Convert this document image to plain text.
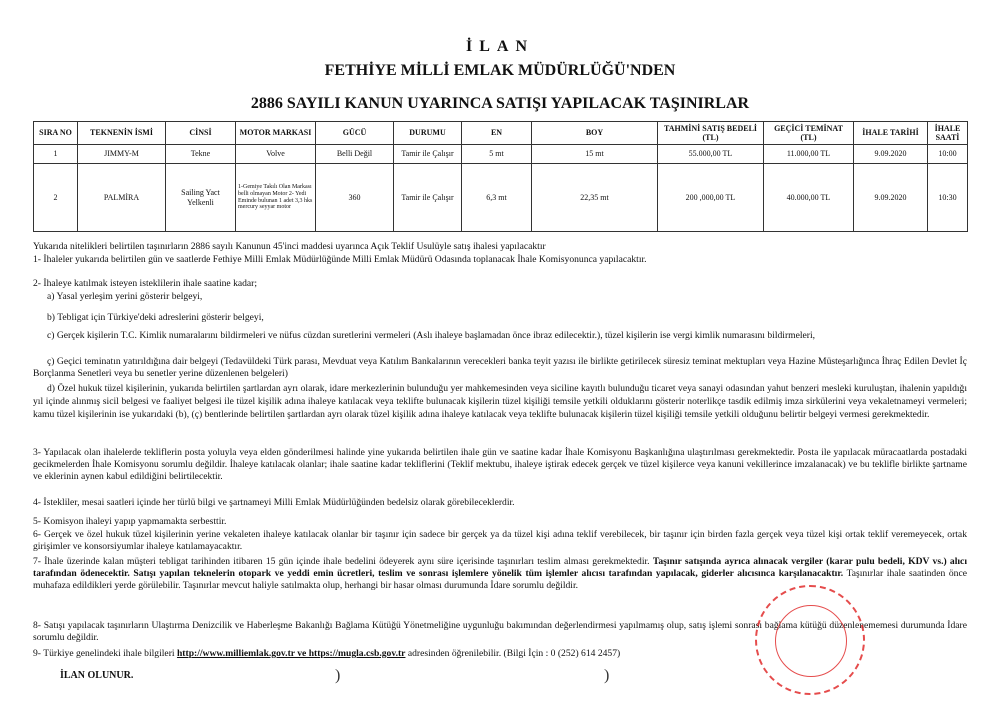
İLAN
FETHİYE MİLLİ EMLAK MÜDÜRLÜĞÜ'NDEN
2886 SAYILI KANUN UYARINCA SATIŞI YAPILACAK TAŞINIRLAR
SIRA NO	TEKNENİN İSMİ	CİNSİ	MOTOR MARKASI	GÜCÜ	DURUMU	EN	BOY	TAHMİNİ SATIŞ BEDELİ (TL)	GEÇİCİ TEMİNAT (TL)	İHALE TARİHİ	İHALE SAATİ
1	JIMMY-M	Tekne	Volve	Belli Değil	Tamir ile Çalışır	5 mt	15 mt	55.000,00 TL	11.000,00 TL	9.09.2020	10:00
2	PALMİRA	Sailing Yact Yelkenli	1-Gemiye Takılı Olan Markası belli olmayan Motor 2- Yedi Eminde bulunan 1 adet 3,3 hks mercury seyyar motor	360	Tamir ile Çalışır	6,3 mt	22,35 mt	200 ,000,00 TL	40.000,00 TL	9.09.2020	10:30
Yukarıda nitelikleri belirtilen taşınırların 2886 sayılı Kanunun 45'inci maddesi uyarınca Açık Teklif Usulüyle satış ihalesi yapılacaktır
1- İhaleler yukarıda belirtilen gün ve saatlerde Fethiye Milli Emlak Müdürlüğünde Milli Emlak Müdürü Odasında toplanacak İhale Komisyonunca yapılacaktır.
2- İhaleye katılmak isteyen isteklilerin ihale saatine kadar;
a) Yasal yerleşim yerini gösterir belgeyi,
b) Tebligat için Türkiye'deki adreslerini gösterir belgeyi,
c) Gerçek kişilerin T.C. Kimlik numaralarını bildirmeleri ve nüfus cüzdan suretlerini vermeleri (Aslı ihaleye başlamadan önce ibraz edilecektir.), tüzel kişilerin ise vergi kimlik numarasını bildirmeleri,
ç) Geçici teminatın yatırıldığına dair belgeyi (Tedavüldeki Türk parası, Mevduat veya Katılım Bankalarının verecekleri banka teyit yazısı ile birlikte getirilecek süresiz teminat mektupları veya Hazine Müsteşarlığınca İhraç Edilen Devlet İç Borçlanma Senetleri veya bu senetler yerine düzenlenen belgeleri)
d) Özel hukuk tüzel kişilerinin, yukarıda belirtilen şartlardan ayrı olarak, idare merkezlerinin bulunduğu yer mahkemesinden veya siciline kayıtlı bulunduğu ticaret veya sanayi odasından yahut benzeri mesleki kuruluştan, ihalenin yapıldığı yıl içinde alınmış sicil belgesi ve faaliyet belgesi ile tüzel kişilik adına ihaleye katılacak veya teklifte bulunacak kişilerin tüzel kişiliği temsile yetkili olduklarını gösterir noterlikçe tasdik edilmiş imza sirkülerini veya vekaletnameyi vermeleri; kamu tüzel kişilerinin ise yukarıdaki (b), (ç) bentlerinde belirtilen şartlardan ayrı olarak tüzel kişilik adına ihaleye katılacak veya teklifte bulunacak kişilerin tüzel kişiliği temsile yetkili olduğunu belirtir belgeyi vermesi gerekmektedir.
3- Yapılacak olan ihalelerde tekliflerin posta yoluyla veya elden gönderilmesi halinde yine yukarıda belirtilen ihale gün ve saatine kadar İhale Komisyonu Başkanlığına ulaştırılması gerekmektedir. Posta ile yapılacak müracaatlarda postadaki gecikmelerden İhale Komisyonu sorumlu değildir. İhaleye katılacak olanlar; ihale saatine kadar tekliflerini (Teklif mektubu, ihaleye iştirak edecek gerçek ve tüzel kişilerce veya kanuni vekillerince imzalanacak) ve bu teklifle birlikte şartname ve eklerinin aynen kabul edildiğini belirtilecektir.
4- İstekliler, mesai saatleri içinde her türlü bilgi ve şartnameyi Milli Emlak Müdürlüğünden bedelsiz olarak görebileceklerdir.
5- Komisyon ihaleyi yapıp yapmamakta serbesttir.
6- Gerçek ve özel hukuk tüzel kişilerinin yerine vekaleten ihaleye katılacak olanlar bir taşınır için sadece bir gerçek ya da tüzel kişi adına teklif verebilecek, bir taşınır için birden fazla gerçek veya tüzel kişi ortak teklif veremeyecek, ortak girişimler ve konsorsiyumlar ihaleye katılamayacaktır.
7- İhale üzerinde kalan müşteri tebligat tarihinden itibaren 15 gün içinde ihale bedelini ödeyerek aynı süre içerisinde taşınırları teslim alması gerekmektedir. Taşınır satışında ayrıca alınacak vergiler (karar pulu bedeli, KDV vs.) alıcı tarafından ödenecektir. Satışı yapılan teknelerin otopark ve yeddi emin ücretleri, teslim ve sonrası işlemlere yönelik tüm işlemler alıcısı tarafından yapılacak, giderler alıcısınca karşılanacaktır. Taşınırlar ihale saatinden önce muhafaza edildikleri yerde görülebilir. Taşınırlar mevcut haliyle satılmakta olup, herhangi bir hasar olması durumunda İdare sorumlu değildir.
8- Satışı yapılacak taşınırların Ulaştırma Denizcilik ve Haberleşme Bakanlığı Bağlama Kütüğü Yönetmeliğine uygunluğu bakımından değerlendirmesi yapılmamış olup, satış işlemi sonrası bağlama kütüğü düzenlenememesi durumunda İdare sorumlu değildir.
9- Türkiye genelindeki ihale bilgileri http://www.milliemlak.gov.tr ve https://mugla.csb.gov.tr adresinden öğrenilebilir. (Bilgi İçin : 0 (252) 614 2457)
İLAN OLUNUR.	)	)
